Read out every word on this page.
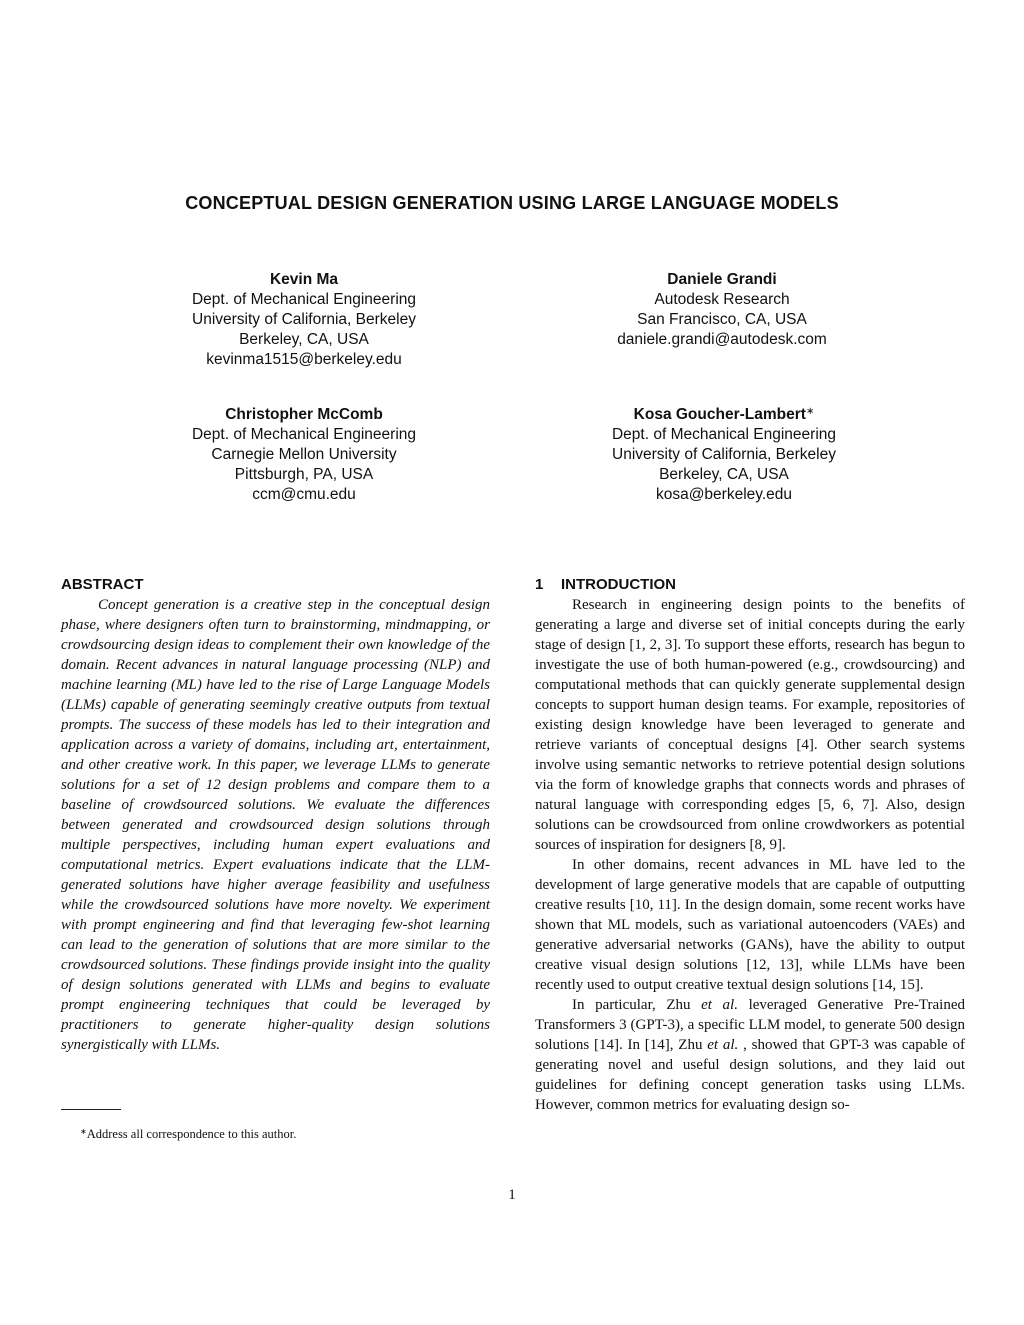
CONCEPTUAL DESIGN GENERATION USING LARGE LANGUAGE MODELS
Kevin Ma
Dept. of Mechanical Engineering
University of California, Berkeley
Berkeley, CA, USA
kevinma1515@berkeley.edu
Daniele Grandi
Autodesk Research
San Francisco, CA, USA
daniele.grandi@autodesk.com
Christopher McComb
Dept. of Mechanical Engineering
Carnegie Mellon University
Pittsburgh, PA, USA
ccm@cmu.edu
Kosa Goucher-Lambert∗
Dept. of Mechanical Engineering
University of California, Berkeley
Berkeley, CA, USA
kosa@berkeley.edu
ABSTRACT

Concept generation is a creative step in the conceptual design phase, where designers often turn to brainstorming, mindmapping, or crowdsourcing design ideas to complement their own knowledge of the domain. Recent advances in natural language processing (NLP) and machine learning (ML) have led to the rise of Large Language Models (LLMs) capable of generating seemingly creative outputs from textual prompts. The success of these models has led to their integration and application across a variety of domains, including art, entertainment, and other creative work. In this paper, we leverage LLMs to generate solutions for a set of 12 design problems and compare them to a baseline of crowdsourced solutions. We evaluate the differences between generated and crowdsourced design solutions through multiple perspectives, including human expert evaluations and computational metrics. Expert evaluations indicate that the LLM-generated solutions have higher average feasibility and usefulness while the crowdsourced solutions have more novelty. We experiment with prompt engineering and find that leveraging few-shot learning can lead to the generation of solutions that are more similar to the crowdsourced solutions. These findings provide insight into the quality of design solutions generated with LLMs and begins to evaluate prompt engineering techniques that could be leveraged by practitioners to generate higher-quality design solutions synergistically with LLMs.

1 INTRODUCTION

Research in engineering design points to the benefits of generating a large and diverse set of initial concepts during the early stage of design [1, 2, 3]. To support these efforts, research has begun to investigate the use of both human-powered (e.g., crowdsourcing) and computational methods that can quickly generate supplemental design concepts to support human design teams. For example, repositories of existing design knowledge have been leveraged to generate and retrieve variants of conceptual designs [4]. Other search systems involve using semantic networks to retrieve potential design solutions via the form of knowledge graphs that connects words and phrases of natural language with corresponding edges [5, 6, 7]. Also, design solutions can be crowdsourced from online crowdworkers as potential sources of inspiration for designers [8, 9].

In other domains, recent advances in ML have led to the development of large generative models that are capable of outputting creative results [10, 11]. In the design domain, some recent works have shown that ML models, such as variational autoencoders (VAEs) and generative adversarial networks (GANs), have the ability to output creative visual design solutions [12, 13], while LLMs have been recently used to output creative textual design solutions [14, 15].

In particular, Zhu et al. leveraged Generative Pre-Trained Transformers 3 (GPT-3), a specific LLM model, to generate 500 design solutions [14]. In [14], Zhu et al. , showed that GPT-3 was capable of generating novel and useful design solutions, and they laid out guidelines for defining concept generation tasks using LLMs. However, common metrics for evaluating design so-

∗Address all correspondence to this author.
1
